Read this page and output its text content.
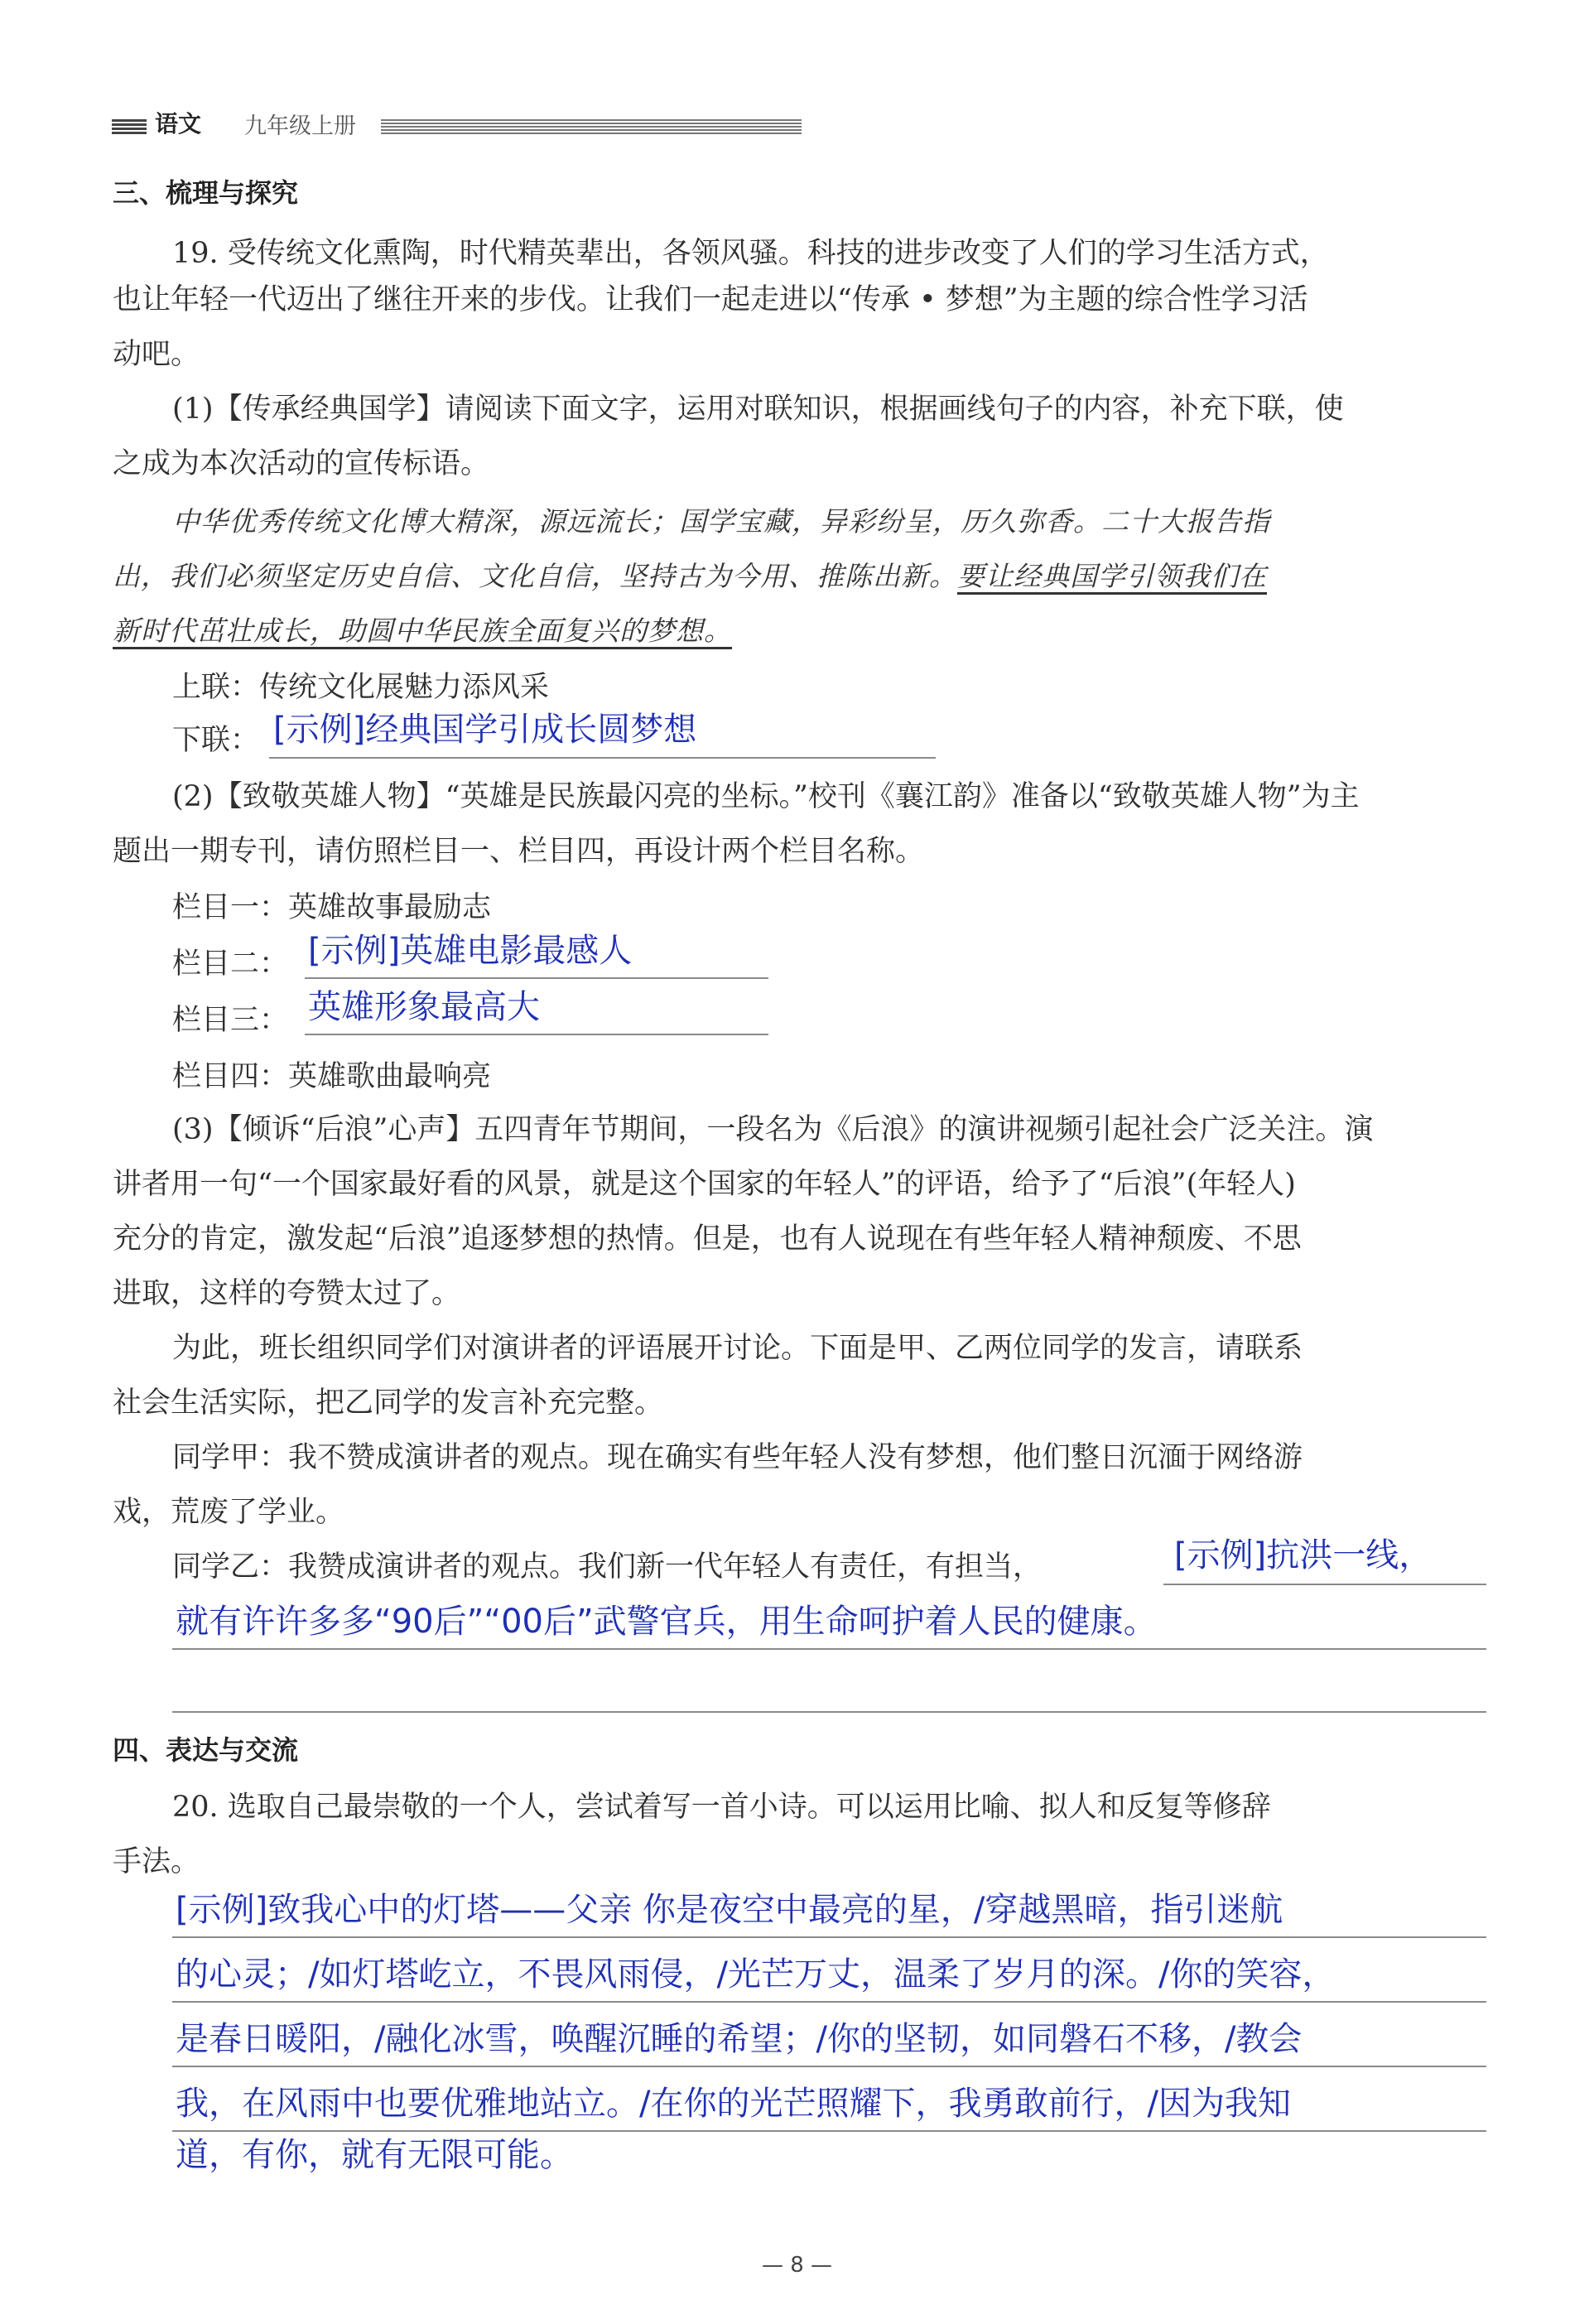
语文 九年级上册
三、梳理与探究
19. 受传统文化熏陶，时代精英辈出，各领风骚。科技的进步改变了人们的学习生活方式，
也让年轻一代迈出了继往开来的步伐。让我们一起走进以“传承 • 梦想”为主题的综合性学习活
动吧。
(1)【传承经典国学】请阅读下面文字，运用对联知识，根据画线句子的内容，补充下联，使
之成为本次活动的宣传标语。
中华优秀传统文化博大精深，源远流长；国学宝藏，异彩纷呈，历久弥香。二十大报告指
出，我们必须坚定历史自信、文化自信，坚持古为今用、推陈出新。要让经典国学引领我们在
新时代茁壮成长，助圆中华民族全面复兴的梦想。
上联：传统文化展魅力添风采
下联： [示例]经典国学引成长圆梦想
(2)【致敬英雄人物】“英雄是民族最闪亮的坐标。”校刊《襄江韵》准备以“致敬英雄人物”为主
题出一期专刊，请仿照栏目一、栏目四，再设计两个栏目名称。
栏目一：英雄故事最励志
栏目二： [示例]英雄电影最感人
栏目三： 英雄形象最高大
栏目四：英雄歌曲最响亮
(3)【倾诉“后浪”心声】五四青年节期间，一段名为《后浪》的演讲视频引起社会广泛关注。演
讲者用一句“一个国家最好看的风景，就是这个国家的年轻人”的评语，给予了“后浪”(年轻人)
充分的肯定，激发起“后浪”追逐梦想的热情。但是，也有人说现在有些年轻人精神颓废、不思
进取，这样的夸赞太过了。
为此，班长组织同学们对演讲者的评语展开讨论。下面是甲、乙两位同学的发言，请联系
社会生活实际，把乙同学的发言补充完整。
同学甲：我不赞成演讲者的观点。现在确实有些年轻人没有梦想，他们整日沉湎于网络游
戏，荒废了学业。
同学乙：我赞成演讲者的观点。我们新一代年轻人有责任，有担当，	[示例]抗洪一线，
就有许许多多“90后”“00后”武警官兵，用生命呵护着人民的健康。
四、表达与交流
20. 选取自己最崇敬的一个人，尝试着写一首小诗。可以运用比喻、拟人和反复等修辞
手法。
[示例]致我心中的灯塔——父亲 你是夜空中最亮的星，/穿越黑暗，指引迷航
的心灵；/如灯塔屹立，不畏风雨侵，/光芒万丈，温柔了岁月的深。/你的笑容，
是春日暖阳，/融化冰雪，唤醒沉睡的希望；/你的坚韧，如同磐石不移，/教会
我，在风雨中也要优雅地站立。/在你的光芒照耀下，我勇敢前行，/因为我知
道，有你，就有无限可能。
— 8 —
